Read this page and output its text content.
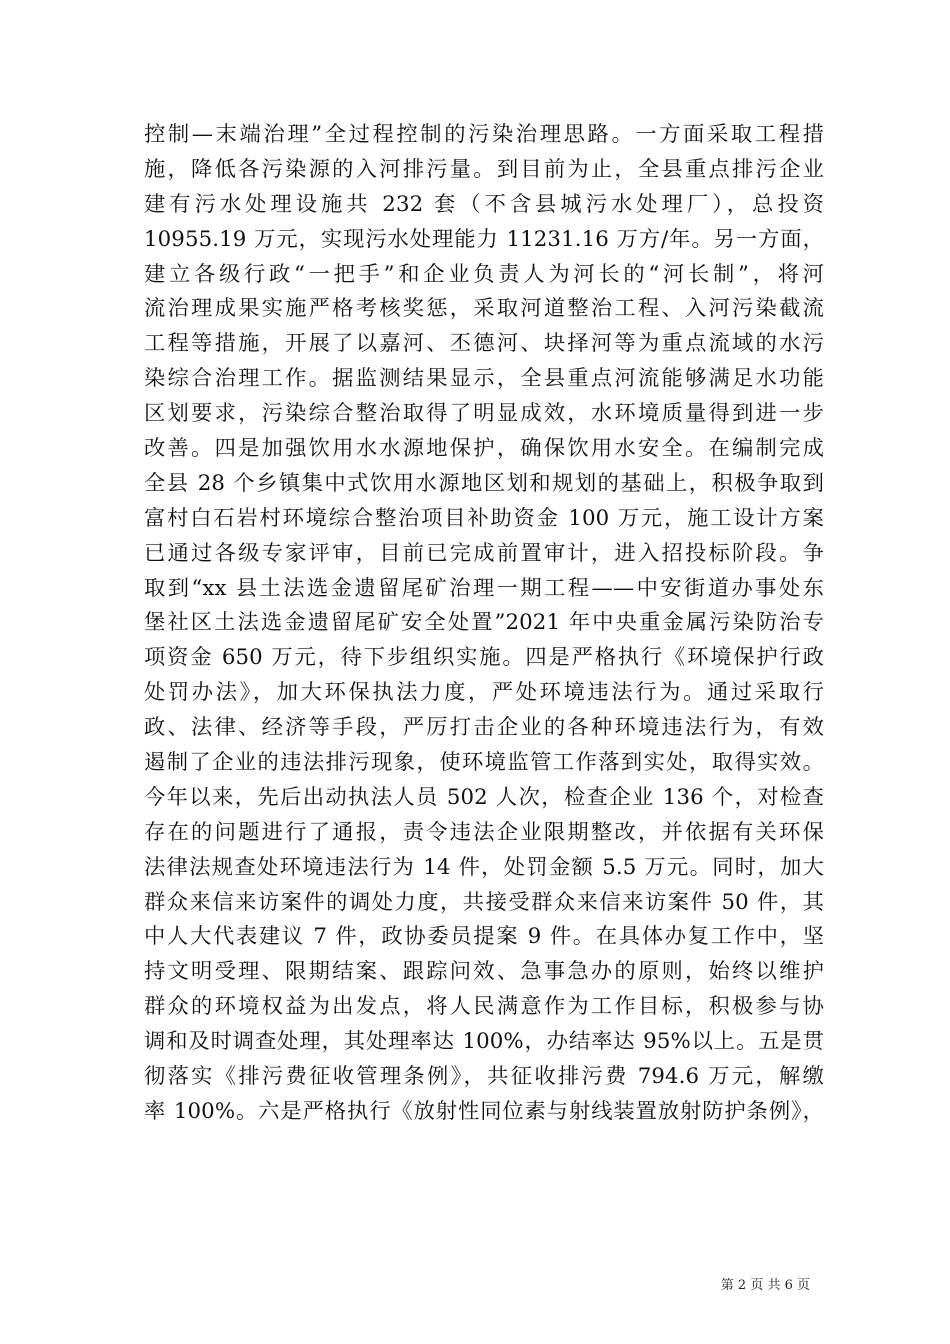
控制—末端治理”全过程控制的污染治理思路。一方面采取工程措
施，降低各污染源的入河排污量。到目前为止，全县重点排污企业
建有污水处理设施共 232 套（不含县城污水处理厂），总投资
10955.19 万元，实现污水处理能力 11231.16 万方/年。另一方面，
建立各级行政“一把手”和企业负责人为河长的“河长制”，将河
流治理成果实施严格考核奖惩，采取河道整治工程、入河污染截流
工程等措施，开展了以嘉河、丕德河、块择河等为重点流域的水污
染综合治理工作。据监测结果显示，全县重点河流能够满足水功能
区划要求，污染综合整治取得了明显成效，水环境质量得到进一步
改善。四是加强饮用水水源地保护，确保饮用水安全。在编制完成
全县 28 个乡镇集中式饮用水源地区划和规划的基础上，积极争取到
富村白石岩村环境综合整治项目补助资金 100 万元，施工设计方案
已通过各级专家评审，目前已完成前置审计，进入招投标阶段。争
取到“xx 县土法选金遗留尾矿治理一期工程——中安街道办事处东
堡社区土法选金遗留尾矿安全处置”2021 年中央重金属污染防治专
项资金 650 万元，待下步组织实施。四是严格执行《环境保护行政
处罚办法》，加大环保执法力度，严处环境违法行为。通过采取行
政、法律、经济等手段，严厉打击企业的各种环境违法行为，有效
遏制了企业的违法排污现象，使环境监管工作落到实处，取得实效。
今年以来，先后出动执法人员 502 人次，检查企业 136 个，对检查
存在的问题进行了通报，责令违法企业限期整改，并依据有关环保
法律法规查处环境违法行为 14 件，处罚金额 5.5 万元。同时，加大
群众来信来访案件的调处力度，共接受群众来信来访案件 50 件，其
中人大代表建议 7 件，政协委员提案 9 件。在具体办复工作中，坚
持文明受理、限期结案、跟踪问效、急事急办的原则，始终以维护
群众的环境权益为出发点，将人民满意作为工作目标，积极参与协
调和及时调查处理，其处理率达 100%，办结率达 95%以上。五是贯
彻落实《排污费征收管理条例》，共征收排污费 794.6 万元，解缴
率 100%。六是严格执行《放射性同位素与射线装置放射防护条例》，
第 2 页 共 6 页
